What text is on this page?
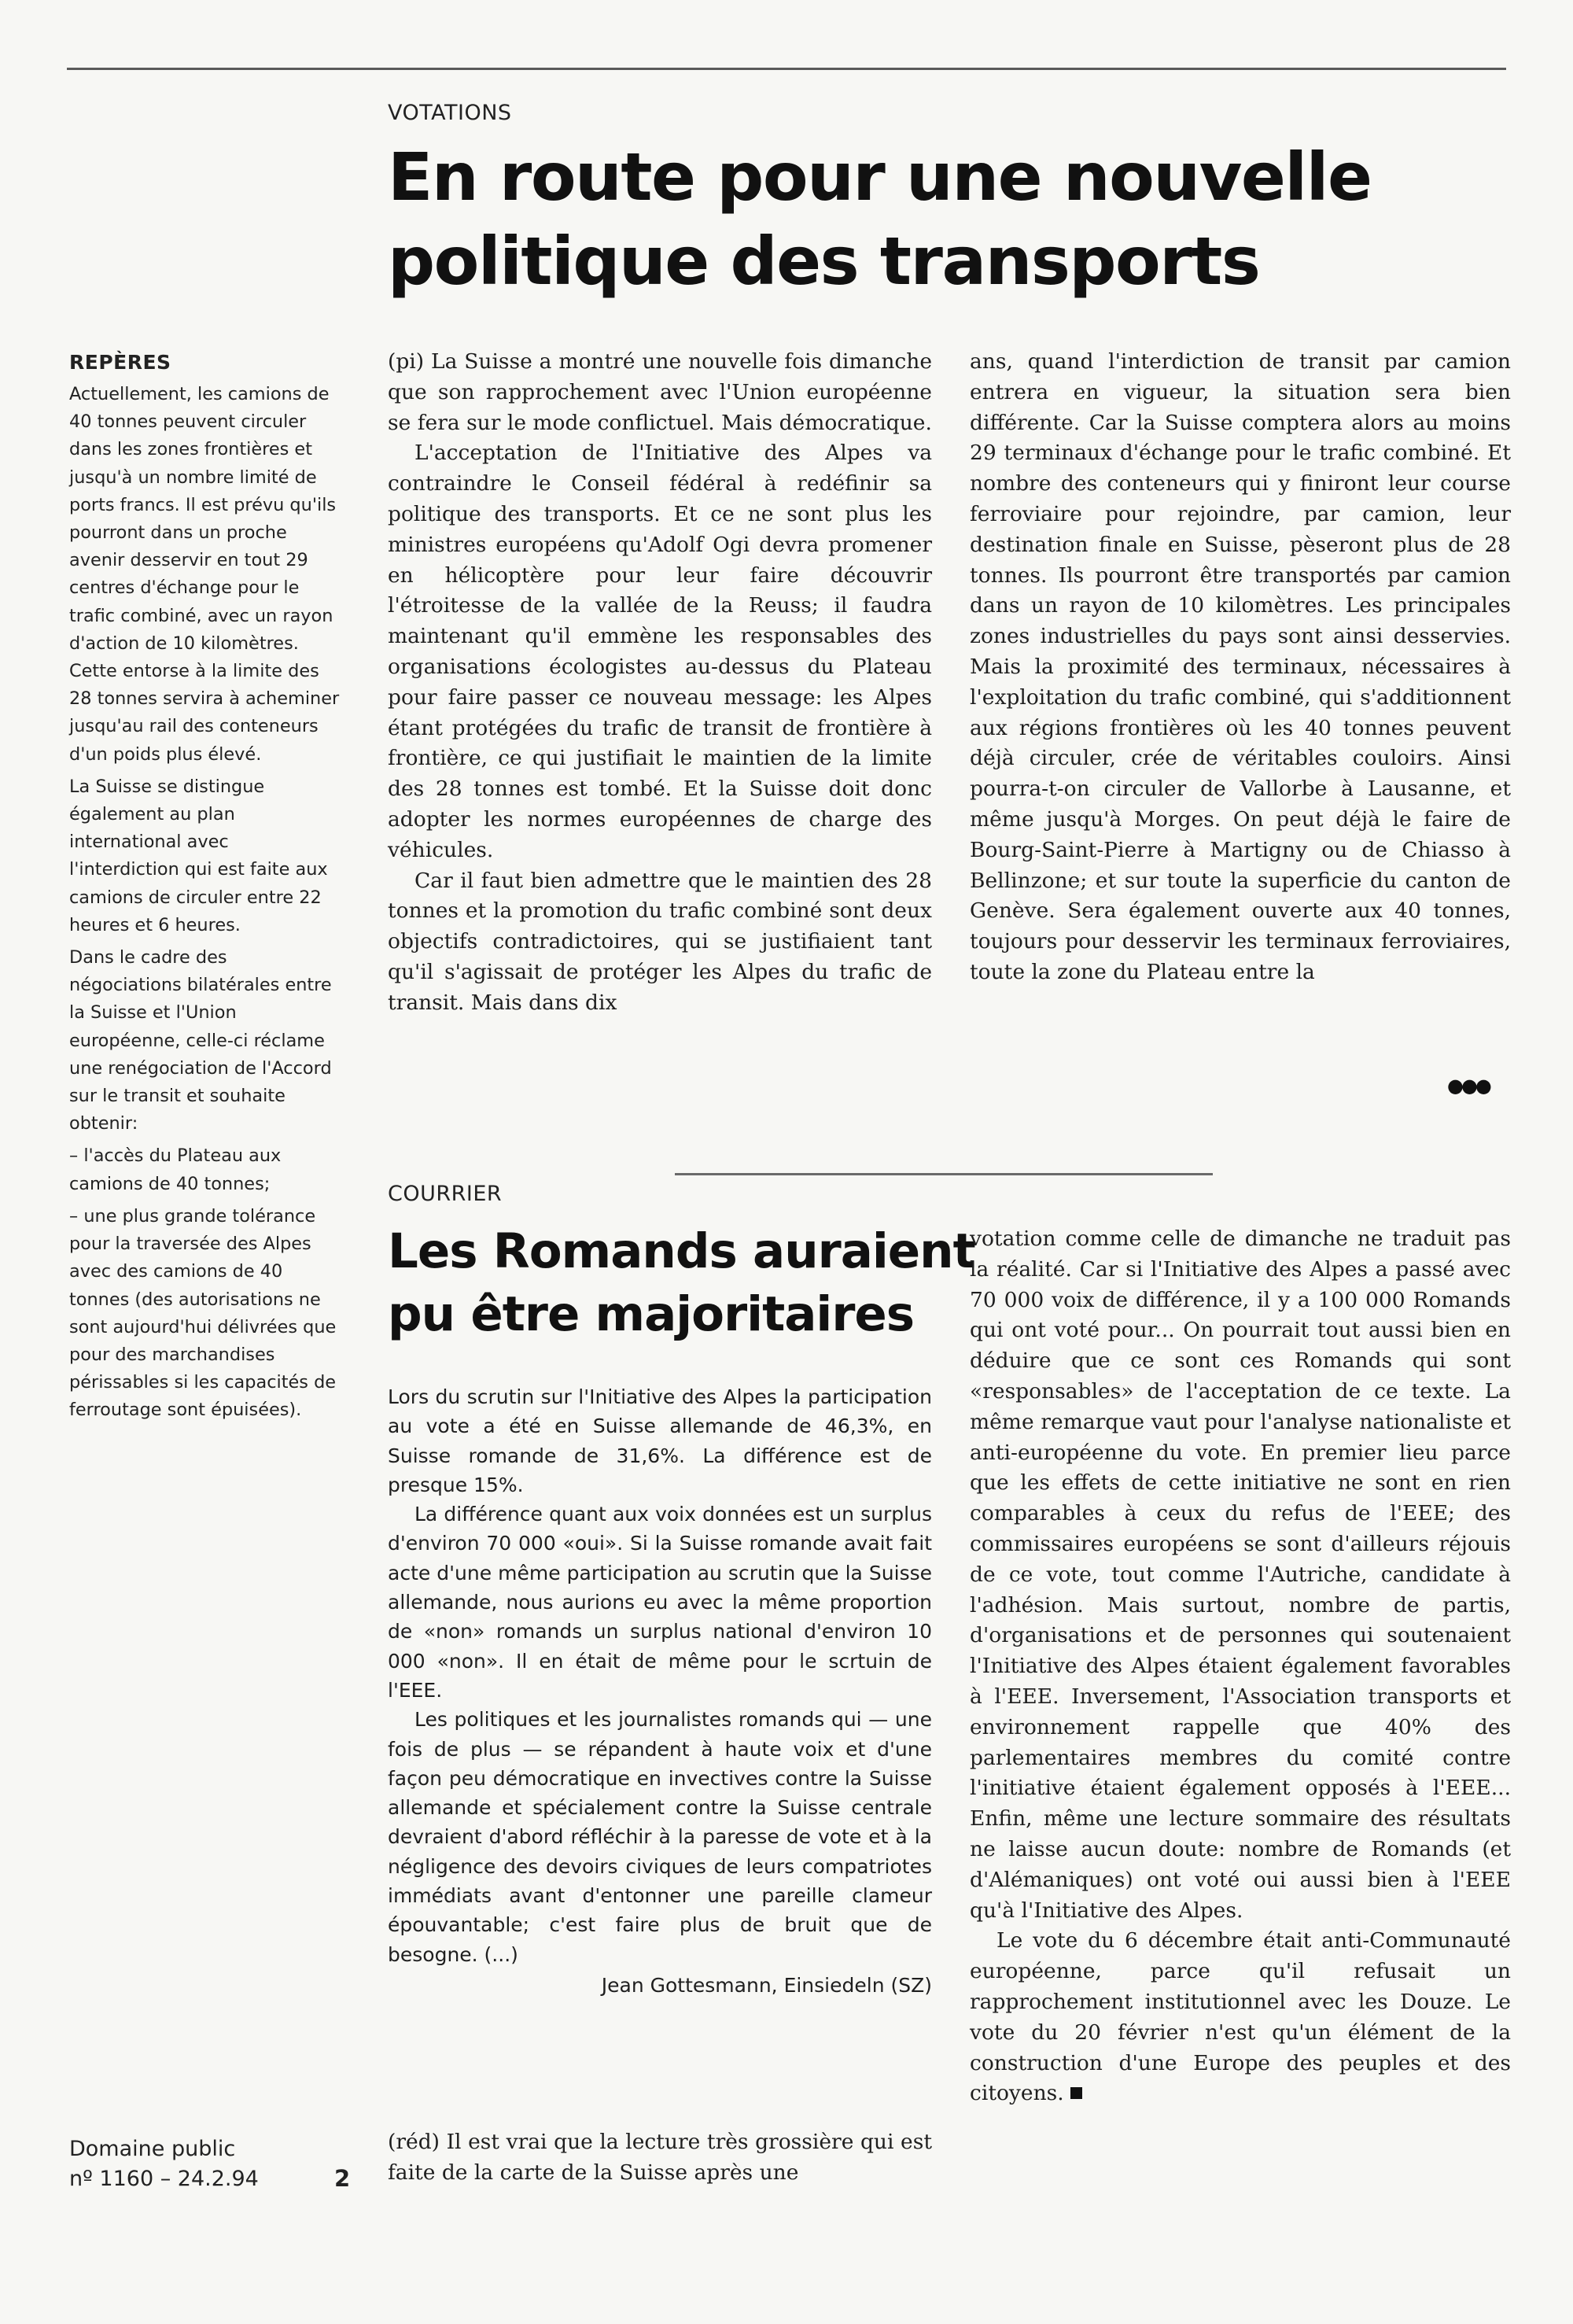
VOTATIONS
En route pour une nouvelle
politique des transports
REPÈRES

Actuellement, les camions de 40 tonnes peuvent circuler dans les zones frontières et jusqu'à un nombre limité de ports francs. Il est prévu qu'ils pourront dans un proche avenir desservir en tout 29 centres d'échange pour le trafic combiné, avec un rayon d'action de 10 kilomètres. Cette entorse à la limite des 28 tonnes servira à acheminer jusqu'au rail des conteneurs d'un poids plus élevé.

La Suisse se distingue également au plan international avec l'interdiction qui est faite aux camions de circuler entre 22 heures et 6 heures.

Dans le cadre des négociations bilatérales entre la Suisse et l'Union européenne, celle-ci réclame une renégociation de l'Accord sur le transit et souhaite obtenir:

– l'accès du Plateau aux camions de 40 tonnes;

– une plus grande tolérance pour la traversée des Alpes avec des camions de 40 tonnes (des autorisations ne sont aujourd'hui délivrées que pour des marchandises périssables si les capacités de ferroutage sont épuisées).

(pi) La Suisse a montré une nouvelle fois dimanche que son rapprochement avec l'Union européenne se fera sur le mode conflictuel. Mais démocratique.

L'acceptation de l'Initiative des Alpes va contraindre le Conseil fédéral à redéfinir sa politique des transports. Et ce ne sont plus les ministres européens qu'Adolf Ogi devra promener en hélicoptère pour leur faire découvrir l'étroitesse de la vallée de la Reuss; il faudra maintenant qu'il emmène les responsables des organisations écologistes au-dessus du Plateau pour faire passer ce nouveau message: les Alpes étant protégées du trafic de transit de frontière à frontière, ce qui justifiait le maintien de la limite des 28 tonnes est tombé. Et la Suisse doit donc adopter les normes européennes de charge des véhicules.

Car il faut bien admettre que le maintien des 28 tonnes et la promotion du trafic combiné sont deux objectifs contradictoires, qui se justifiaient tant qu'il s'agissait de protéger les Alpes du trafic de transit. Mais dans dix

ans, quand l'interdiction de transit par camion entrera en vigueur, la situation sera bien différente. Car la Suisse comptera alors au moins 29 terminaux d'échange pour le trafic combiné. Et nombre des conteneurs qui y finiront leur course ferroviaire pour rejoindre, par camion, leur destination finale en Suisse, pèseront plus de 28 tonnes. Ils pourront être transportés par camion dans un rayon de 10 kilomètres. Les principales zones industrielles du pays sont ainsi desservies. Mais la proximité des terminaux, nécessaires à l'exploitation du trafic combiné, qui s'additionnent aux régions frontières où les 40 tonnes peuvent déjà circuler, crée de véritables couloirs. Ainsi pourra-t-on circuler de Vallorbe à Lausanne, et même jusqu'à Morges. On peut déjà le faire de Bourg-Saint-Pierre à Martigny ou de Chiasso à Bellinzone; et sur toute la superficie du canton de Genève. Sera également ouverte aux 40 tonnes, toujours pour desservir les terminaux ferroviaires, toute la zone du Plateau entre la

●●●
COURRIER
Les Romands auraient
pu être majoritaires

Lors du scrutin sur l'Initiative des Alpes la participation au vote a été en Suisse allemande de 46,3%, en Suisse romande de 31,6%. La différence est de presque 15%.

La différence quant aux voix données est un surplus d'environ 70 000 «oui». Si la Suisse romande avait fait acte d'une même participation au scrutin que la Suisse allemande, nous aurions eu avec la même proportion de «non» romands un surplus national d'environ 10 000 «non». Il en était de même pour le scrtuin de l'EEE.

Les politiques et les journalistes romands qui — une fois de plus — se répandent à haute voix et d'une façon peu démocratique en invectives contre la Suisse allemande et spécialement contre la Suisse centrale devraient d'abord réfléchir à la paresse de vote et à la négligence des devoirs civiques de leurs compatriotes immédiats avant d'entonner une pareille clameur épouvantable; c'est faire plus de bruit que de besogne. (...)

Jean Gottesmann, Einsiedeln (SZ)

(réd) Il est vrai que la lecture très grossière qui est faite de la carte de la Suisse après une

votation comme celle de dimanche ne traduit pas la réalité. Car si l'Initiative des Alpes a passé avec 70 000 voix de différence, il y a 100 000 Romands qui ont voté pour... On pourrait tout aussi bien en déduire que ce sont ces Romands qui sont «responsables» de l'acceptation de ce texte. La même remarque vaut pour l'analyse nationaliste et anti-européenne du vote. En premier lieu parce que les effets de cette initiative ne sont en rien comparables à ceux du refus de l'EEE; des commissaires européens se sont d'ailleurs réjouis de ce vote, tout comme l'Autriche, candidate à l'adhésion. Mais surtout, nombre de partis, d'organisations et de personnes qui soutenaient l'Initiative des Alpes étaient également favorables à l'EEE. Inversement, l'Association transports et environnement rappelle que 40% des parlementaires membres du comité contre l'initiative étaient également opposés à l'EEE... Enfin, même une lecture sommaire des résultats ne laisse aucun doute: nombre de Romands (et d'Alémaniques) ont voté oui aussi bien à l'EEE qu'à l'Initiative des Alpes.

Le vote du 6 décembre était anti-Communauté européenne, parce qu'il refusait un rapprochement institutionnel avec les Douze. Le vote du 20 février n'est qu'un élément de la construction d'une Europe des peuples et des citoyens.

Domaine public
nº 1160 – 24.2.94	2
